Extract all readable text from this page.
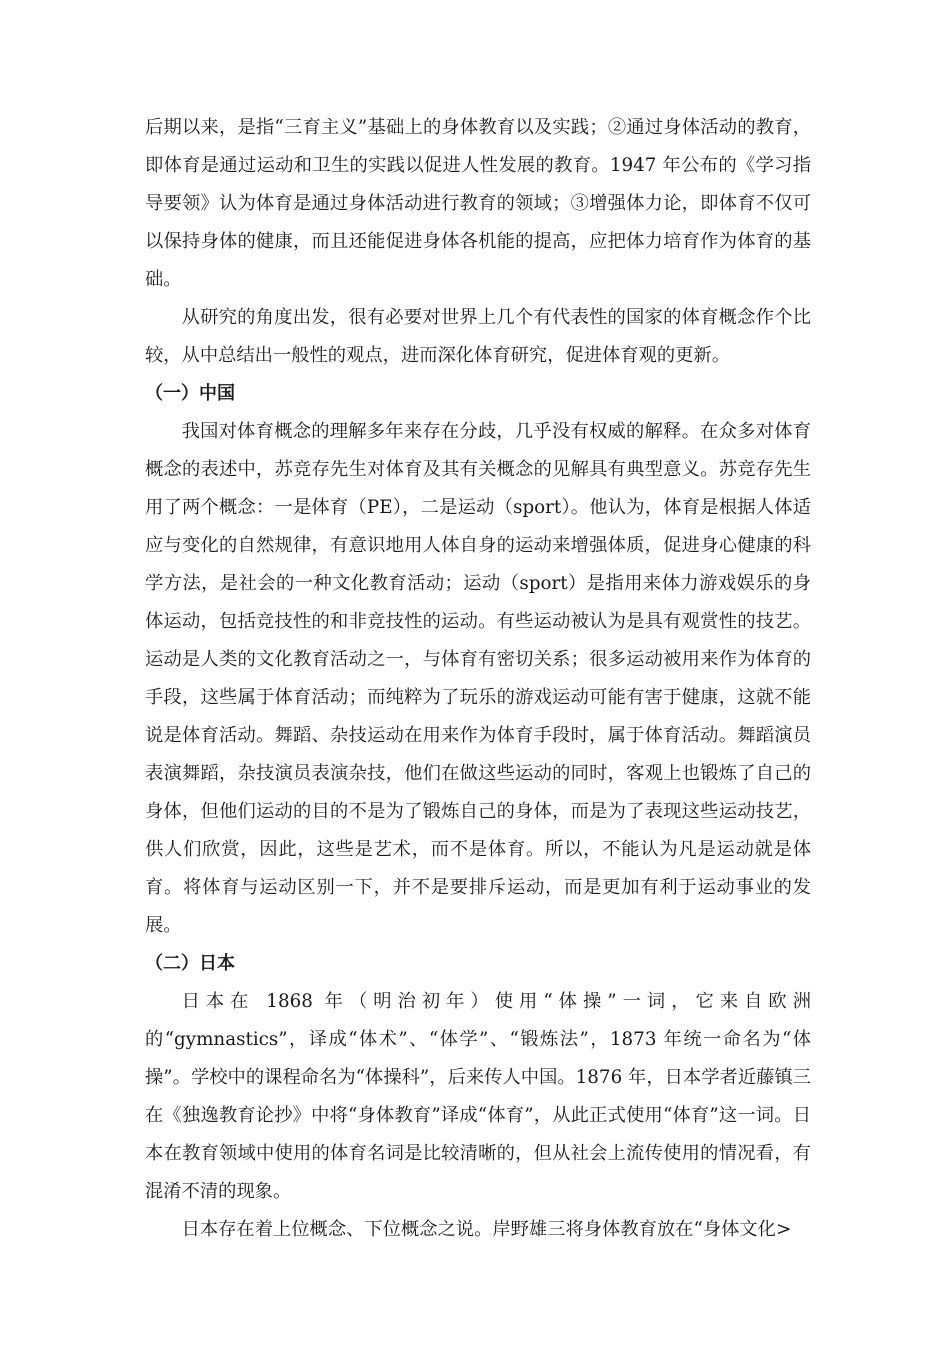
后期以来，是指“三育主义”基础上的身体教育以及实践；②通过身体活动的教育，即体育是通过运动和卫生的实践以促进人性发展的教育。1947 年公布的《学习指导要领》认为体育是通过身体活动进行教育的领域；③增强体力论，即体育不仅可以保持身体的健康，而且还能促进身体各机能的提高，应把体力培育作为体育的基础。

从研究的角度出发，很有必要对世界上几个有代表性的国家的体育概念作个比较，从中总结出一般性的观点，进而深化体育研究，促进体育观的更新。

（一）中国

我国对体育概念的理解多年来存在分歧，几乎没有权威的解释。在众多对体育概念的表述中，苏竞存先生对体育及其有关概念的见解具有典型意义。苏竞存先生用了两个概念：一是体育（PE），二是运动（sport）。他认为，体育是根据人体适应与变化的自然规律，有意识地用人体自身的运动来增强体质，促进身心健康的科学方法，是社会的一种文化教育活动；运动（sport）是指用来体力游戏娱乐的身体运动，包括竞技性的和非竞技性的运动。有些运动被认为是具有观赏性的技艺。运动是人类的文化教育活动之一，与体育有密切关系；很多运动被用来作为体育的手段，这些属于体育活动；而纯粹为了玩乐的游戏运动可能有害于健康，这就不能说是体育活动。舞蹈、杂技运动在用来作为体育手段时，属于体育活动。舞蹈演员表演舞蹈，杂技演员表演杂技，他们在做这些运动的同时，客观上也锻炼了自己的身体，但他们运动的目的不是为了锻炼自己的身体，而是为了表现这些运动技艺，供人们欣赏，因此，这些是艺术，而不是体育。所以，不能认为凡是运动就是体育。将体育与运动区别一下，并不是要排斥运动，而是更加有利于运动事业的发展。

（二）日本

日本在 1868 年（明治初年）使用“体操”一词，它来自欧洲的“gymnastics”，译成“体术”、“体学”、“锻炼法”，1873 年统一命名为“体操”。学校中的课程命名为“体操科”，后来传人中国。1876 年，日本学者近藤镇三在《独逸教育论抄》中将“身体教育”译成“体育”，从此正式使用“体育”这一词。日本在教育领域中使用的体育名词是比较清晰的，但从社会上流传使用的情况看，有混淆不清的现象。

日本存在着上位概念、下位概念之说。岸野雄三将身体教育放在“身体文化>
